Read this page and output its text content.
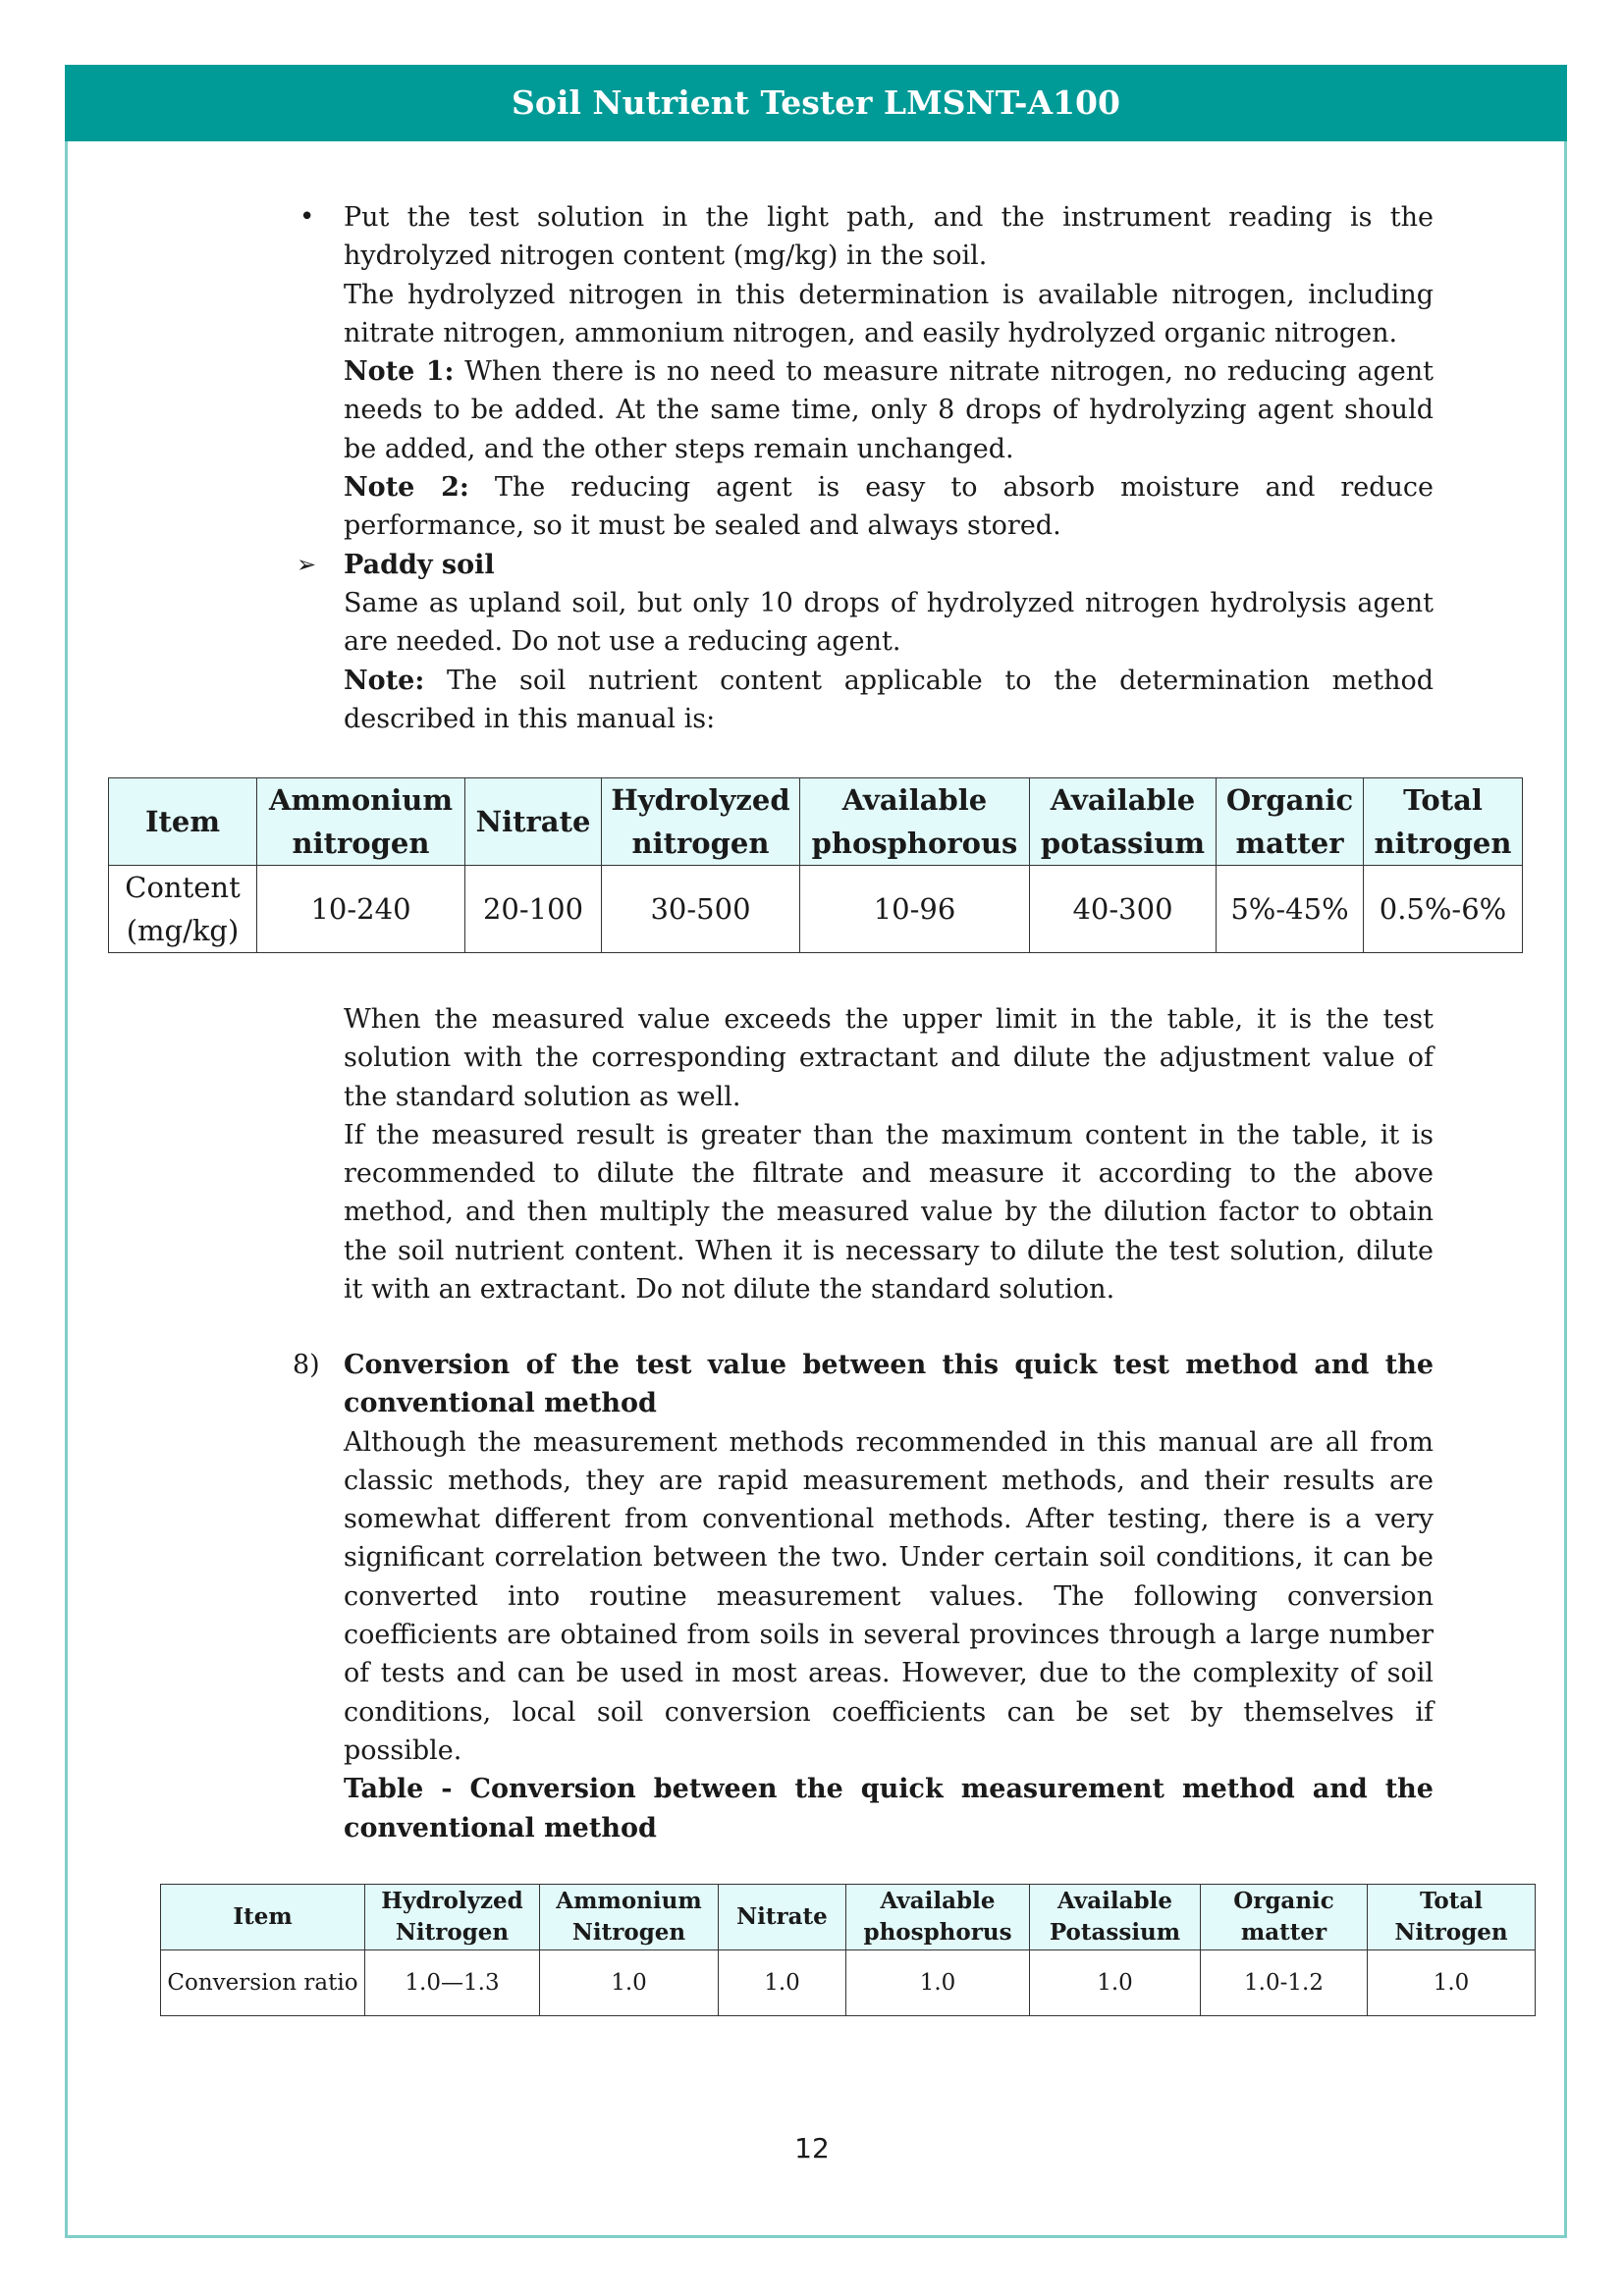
Soil Nutrient Tester LMSNT-A100
•	Put the test solution in the light path, and the instrument reading is the hydrolyzed nitrogen content (mg/kg) in the soil.

The hydrolyzed nitrogen in this determination is available nitrogen, including nitrate nitrogen, ammonium nitrogen, and easily hydrolyzed organic nitrogen.

Note 1: When there is no need to measure nitrate nitrogen, no reducing agent needs to be added. At the same time, only 8 drops of hydrolyzing agent should be added, and the other steps remain unchanged.

Note 2: The reducing agent is easy to absorb moisture and reduce performance, so it must be sealed and always stored.

➢	Paddy soil

Same as upland soil, but only 10 drops of hydrolyzed nitrogen hydrolysis agent are needed. Do not use a reducing agent.

Note: The soil nutrient content applicable to the determination method described in this manual is:

Item	Ammonium nitrogen	Nitrate	Hydrolyzed nitrogen	Available phosphorous	Available potassium	Organic matter	Total nitrogen
Content (mg/kg)	10-240	20-100	30-500	10-96	40-300	5%-45%	0.5%-6%

When the measured value exceeds the upper limit in the table, it is the test solution with the corresponding extractant and dilute the adjustment value of the standard solution as well.

If the measured result is greater than the maximum content in the table, it is recommended to dilute the filtrate and measure it according to the above method, and then multiply the measured value by the dilution factor to obtain the soil nutrient content. When it is necessary to dilute the test solution, dilute it with an extractant. Do not dilute the standard solution.

8) Conversion of the test value between this quick test method and the conventional method

Although the measurement methods recommended in this manual are all from classic methods, they are rapid measurement methods, and their results are somewhat different from conventional methods. After testing, there is a very significant correlation between the two. Under certain soil conditions, it can be converted into routine measurement values. The following conversion coefficients are obtained from soils in several provinces through a large number of tests and can be used in most areas. However, due to the complexity of soil conditions, local soil conversion coefficients can be set by themselves if possible.

Table - Conversion between the quick measurement method and the conventional method

Item	Hydrolyzed Nitrogen	Ammonium Nitrogen	Nitrate	Available phosphorus	Available Potassium	Organic matter	Total Nitrogen
Conversion ratio	1.0—1.3	1.0	1.0	1.0	1.0	1.0-1.2	1.0
12
